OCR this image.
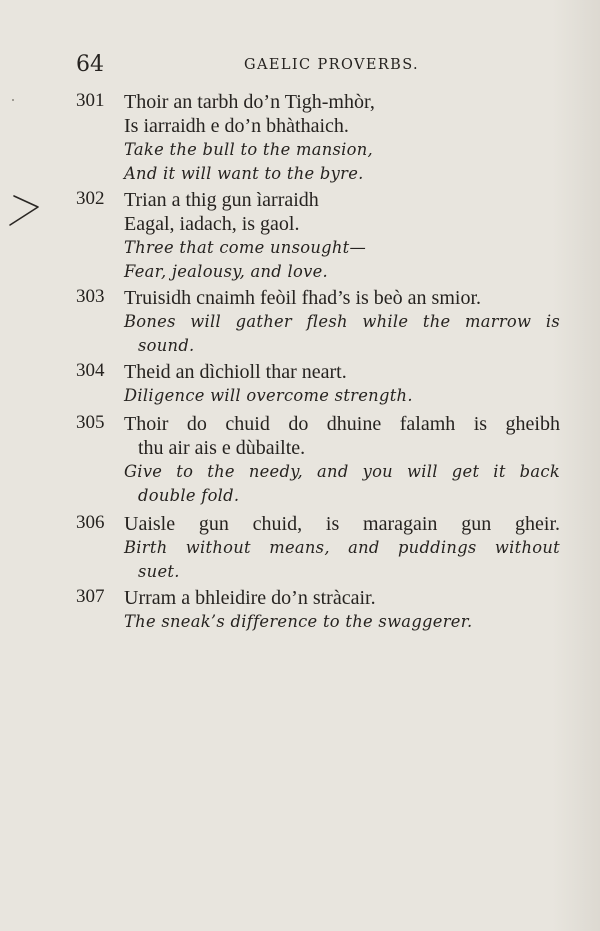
64	GAELIC PROVERBS.
301 Thoir an tarbh do’n Tigh-mhòr,
Is iarraidh e do’n bhàthaich.
Take the bull to the mansion,
And it will want to the byre.
302 Trian a thig gun ìarraidh
Eagal, iadach, is gaol.
Three that come unsought—
Fear, jealousy, and love.
303 Truisidh cnaimh feòil fhad’s is beò an smior.
Bones will gather flesh while the marrow is
sound.
304 Theid an dìchioll thar neart.
Diligence will overcome strength.
305 Thoir do chuid do dhuine falamh is gheibh
thu air ais e dùbailte.
Give to the needy, and you will get it back
double fold.
306 Uaisle gun chuid, is maragain gun gheir.
Birth without means, and puddings without
suet.
307 Urram a bhleidire do’n stràcair.
The sneak’s difference to the swaggerer.
